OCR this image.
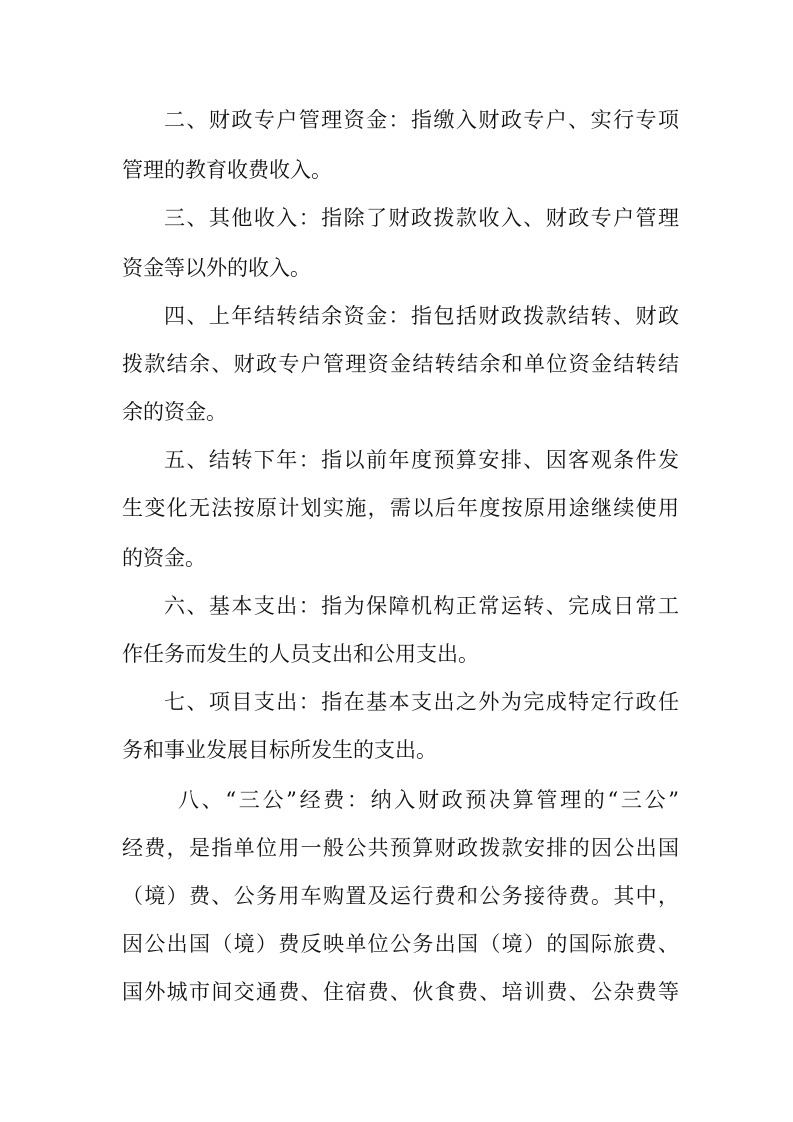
二、财政专户管理资金：指缴入财政专户、实行专项
管理的教育收费收入。
三、其他收入：指除了财政拨款收入、财政专户管理
资金等以外的收入。
四、上年结转结余资金：指包括财政拨款结转、财政
拨款结余、财政专户管理资金结转结余和单位资金结转结
余的资金。
五、结转下年：指以前年度预算安排、因客观条件发
生变化无法按原计划实施，需以后年度按原用途继续使用
的资金。
六、基本支出：指为保障机构正常运转、完成日常工
作任务而发生的人员支出和公用支出。
七、项目支出：指在基本支出之外为完成特定行政任
务和事业发展目标所发生的支出。
八、“三公”经费：纳入财政预决算管理的“三公”
经费，是指单位用一般公共预算财政拨款安排的因公出国
（境）费、公务用车购置及运行费和公务接待费。其中，
因公出国（境）费反映单位公务出国（境）的国际旅费、
国外城市间交通费、住宿费、伙食费、培训费、公杂费等
